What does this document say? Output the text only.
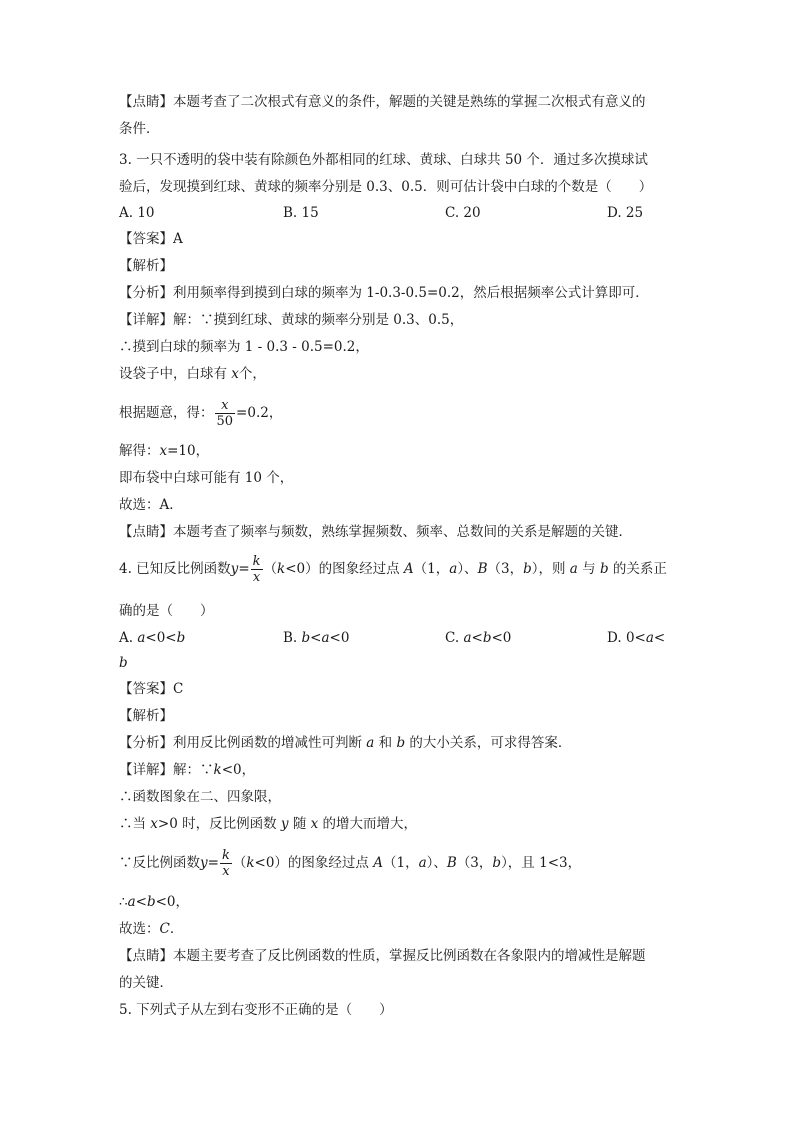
【点睛】本题考查了二次根式有意义的条件，解题的关键是熟练的掌握二次根式有意义的
条件．
3. 一只不透明的袋中装有除颜色外都相同的红球、黄球、白球共 50 个．通过多次摸球试
验后，发现摸到红球、黄球的频率分别是 0.3、0.5．则可估计袋中白球的个数是（　　）
A. 10	B. 15	C. 20	D. 25
【答案】A
【解析】
【分析】利用频率得到摸到白球的频率为 1-0.3-0.5=0.2，然后根据频率公式计算即可．
【详解】解：∵摸到红球、黄球的频率分别是 0.3、0.5，
∴摸到白球的频率为 1 - 0.3 - 0.5=0.2，
设袋子中，白球有 x个，
根据题意，得： $\frac{x}{50} =0.2$，
解得：x=10，
即布袋中白球可能有 10 个，
故选：A．
【点睛】本题考查了频率与频数，熟练掌握频数、频率、总数间的关系是解题的关键．
4. 已知反比例函数$y= \frac{k}{x} (k<0)$的图象经过点 A（1，a）、B（3，b），则 a 与 b 的关系正
确的是（　　）
A. a<0<b	B. b<a<0	C. a<b<0	D. 0<a<
b
【答案】C
【解析】
【分析】利用反比例函数的增减性可判断 a 和 b 的大小关系，可求得答案．
【详解】解：∵k<0，
∴函数图象在二、四象限，
∴当 x>0 时，反比例函数 y 随 x 的增大而增大，
∵反比例函数$y= \frac{k}{x} (k<0)$的图象经过点 A（1，a）、B（3，b），且 1<3，
∴a<b<0，
故选：C．
【点睛】本题主要考查了反比例函数的性质，掌握反比例函数在各象限内的增减性是解题
的关键．
5. 下列式子从左到右变形不正确的是（　　）
